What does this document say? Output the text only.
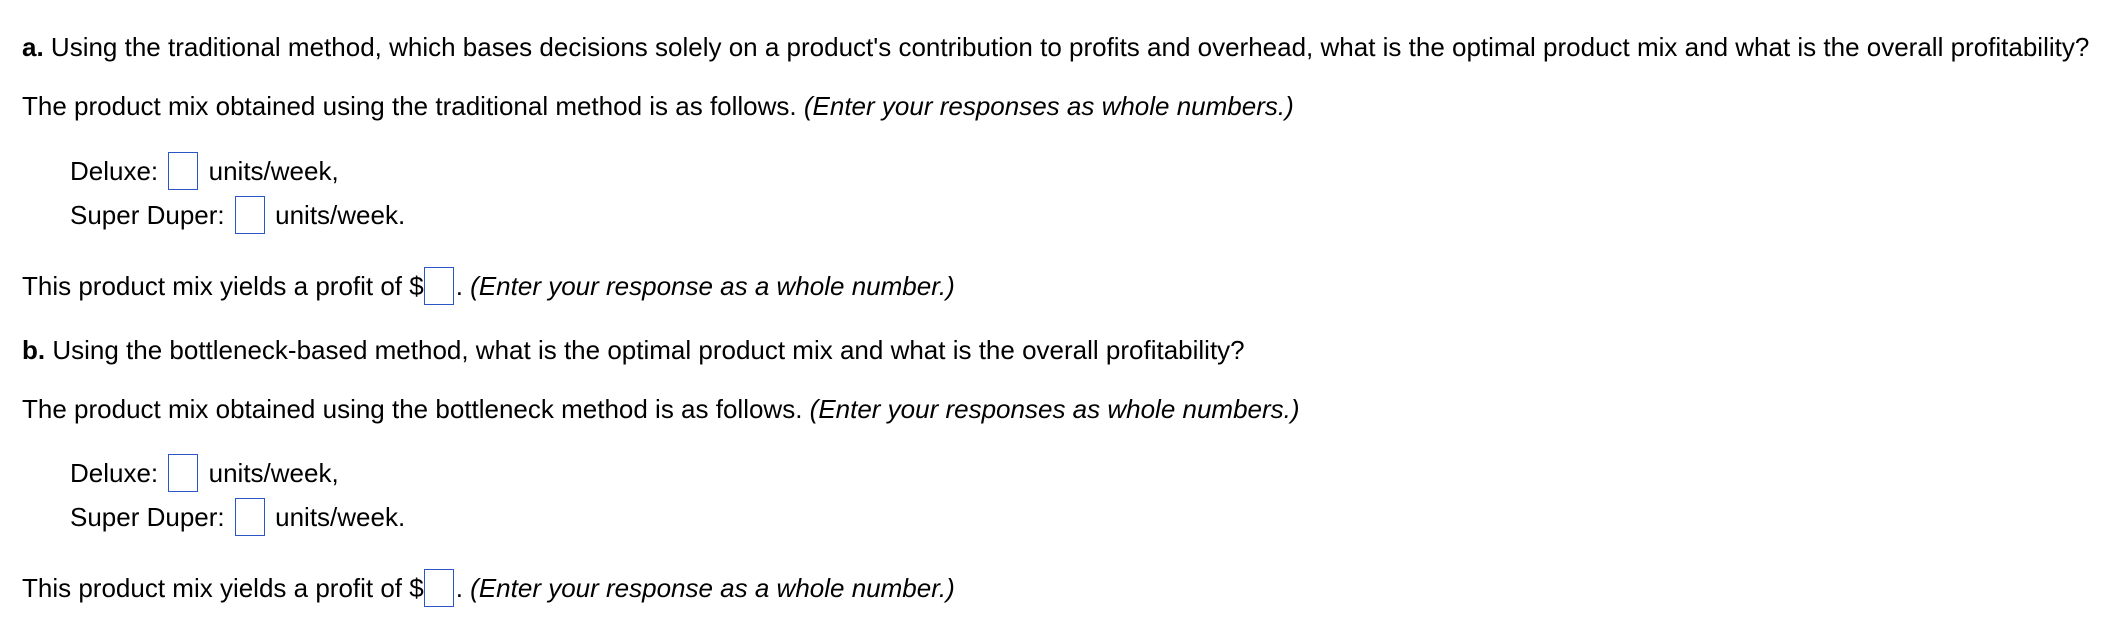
a. Using the traditional method, which bases decisions solely on a product's contribution to profits and overhead, what is the optimal product mix and what is the overall profitability?
The product mix obtained using the traditional method is as follows. (Enter your responses as whole numbers.)
Deluxe: units/week,
Super Duper: units/week.
This product mix yields a profit of $ . (Enter your response as a whole number.)
b. Using the bottleneck-based method, what is the optimal product mix and what is the overall profitability?
The product mix obtained using the bottleneck method is as follows. (Enter your responses as whole numbers.)
Deluxe: units/week,
Super Duper: units/week.
This product mix yields a profit of $ . (Enter your response as a whole number.)
